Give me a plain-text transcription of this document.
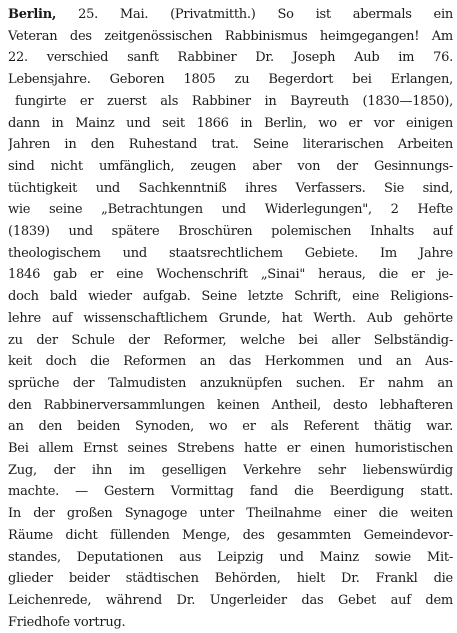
Berlin, 25. Mai. (Privatmitth.) So ist abermals ein
Veteran des zeitgenössischen Rabbinismus heimgegangen! Am
22. verschied sanft Rabbiner Dr. Joseph Aub im 76.
Lebensjahre. Geboren 1805 zu Begerdort bei Erlangen,
fungirte er zuerst als Rabbiner in Bayreuth (1830—1850),
dann in Mainz und seit 1866 in Berlin, wo er vor einigen
Jahren in den Ruhestand trat. Seine literarischen Arbeiten
sind nicht umfänglich, zeugen aber von der Gesinnungs-
tüchtigkeit und Sachkenntniß ihres Verfassers. Sie sind,
wie seine „Betrachtungen und Widerlegungen", 2 Hefte
(1839) und spätere Broschüren polemischen Inhalts auf
theologischem und staatsrechtlichem Gebiete. Im Jahre
1846 gab er eine Wochenschrift „Sinai" heraus, die er je-
doch bald wieder aufgab. Seine letzte Schrift, eine Religions-
lehre auf wissenschaftlichem Grunde, hat Werth. Aub gehörte
zu der Schule der Reformer, welche bei aller Selbständig-
keit doch die Reformen an das Herkommen und an Aus-
sprüche der Talmudisten anzuknüpfen suchen. Er nahm an
den Rabbinerversammlungen keinen Antheil, desto lebhafteren
an den beiden Synoden, wo er als Referent thätig war.
Bei allem Ernst seines Strebens hatte er einen humoristischen
Zug, der ihn im geselligen Verkehre sehr liebenswürdig
machte. — Gestern Vormittag fand die Beerdigung statt.
In der großen Synagoge unter Theilnahme einer die weiten
Räume dicht füllenden Menge, des gesammten Gemeindevor-
standes, Deputationen aus Leipzig und Mainz sowie Mit-
glieder beider städtischen Behörden, hielt Dr. Frankl die
Leichenrede, während Dr. Ungerleider das Gebet auf dem
Friedhofe vortrug.
